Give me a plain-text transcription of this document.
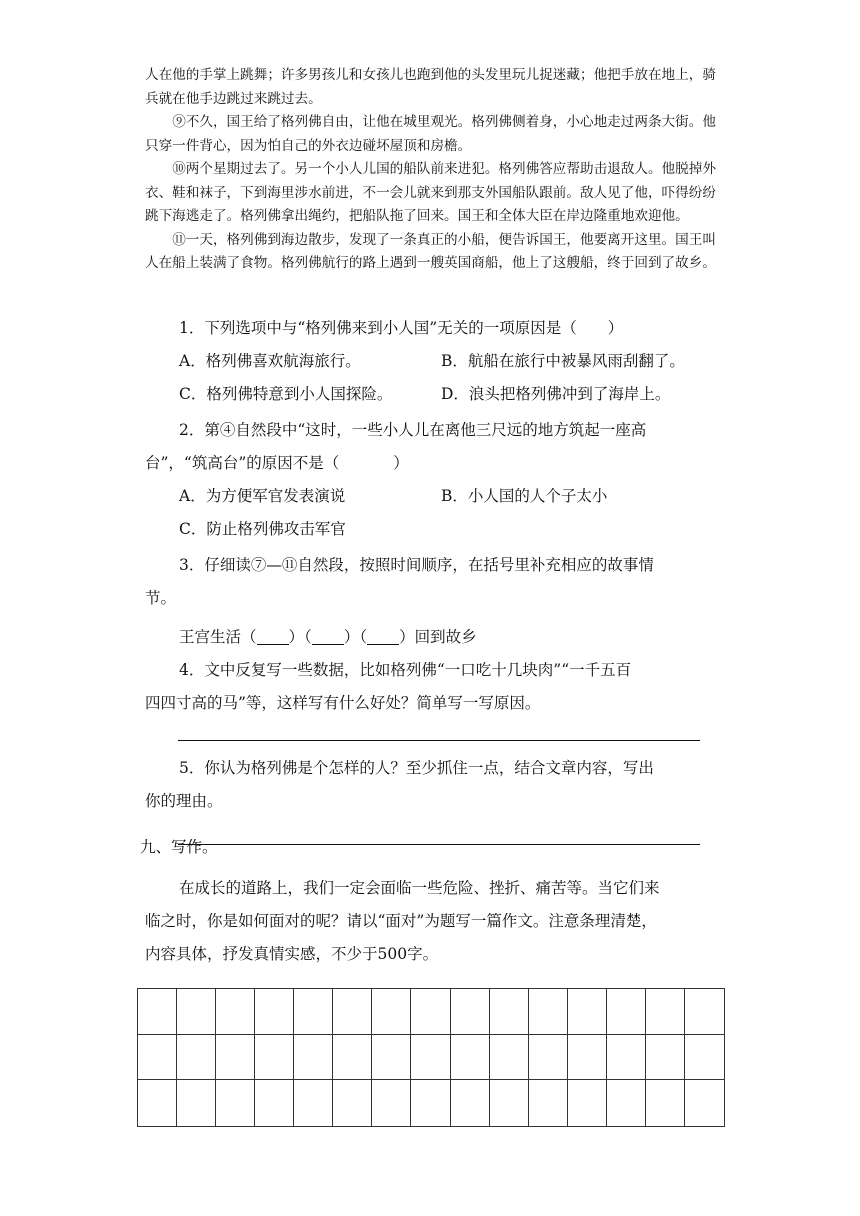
人在他的手掌上跳舞；许多男孩儿和女孩儿也跑到他的头发里玩儿捉迷藏；他把手放在地上，骑兵就在他手边跳过来跳过去。

⑨不久，国王给了格列佛自由，让他在城里观光。格列佛侧着身，小心地走过两条大街。他只穿一件背心，因为怕自己的外衣边碰坏屋顶和房檐。

⑩两个星期过去了。另一个小人儿国的船队前来进犯。格列佛答应帮助击退敌人。他脱掉外衣、鞋和袜子，下到海里涉水前进，不一会儿就来到那支外国船队跟前。敌人见了他，吓得纷纷跳下海逃走了。格列佛拿出绳约，把船队拖了回来。国王和全体大臣在岸边隆重地欢迎他。

⑪一天，格列佛到海边散步，发现了一条真正的小船，便告诉国王，他要离开这里。国王叫人在船上装满了食物。格列佛航行的路上遇到一艘英国商船，他上了这艘船，终于回到了故乡。

1．下列选项中与“格列佛来到小人国”无关的一项原因是（　　）

A．格列佛喜欢航海旅行。	B．航船在旅行中被暴风雨刮翻了。
C．格列佛特意到小人国探险。	D．浪头把格列佛冲到了海岸上。

2．第④自然段中“这时，一些小人儿在离他三尺远的地方筑起一座高

台”，“筑高台”的原因不是（	）

A．为方便军官发表演说	B．小人国的人个子太小

C．防止格列佛攻击军官

3．仔细读⑦—⑪自然段，按照时间顺序，在括号里补充相应的故事情

节。

王宫生活（ ）（ ）（ ）回到故乡

4．文中反复写一些数据，比如格列佛“一口吃十几块肉”“一千五百

四四寸高的马”等，这样写有什么好处？简单写一写原因。

5．你认为格列佛是个怎样的人？至少抓住一点，结合文章内容，写出

你的理由。

九、写作。

在成长的道路上，我们一定会面临一些危险、挫折、痛苦等。当它们来

临之时，你是如何面对的呢？请以“面对”为题写一篇作文。注意条理清楚，

内容具体，抒发真情实感，不少于500字。
